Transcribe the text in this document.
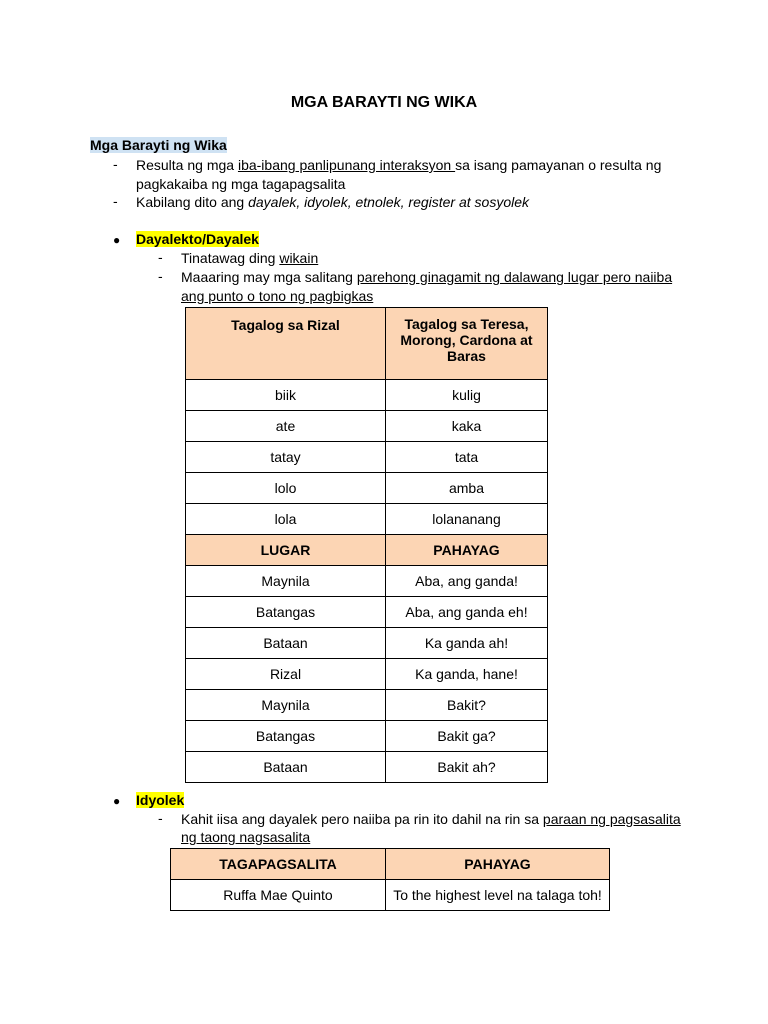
MGA BARAYTI NG WIKA
Mga Barayti ng Wika
- Resulta ng mga iba-ibang panlipunang interaksyon sa isang pamayanan o resulta ng
pagkakaiba ng mga tagapagsalita
- Kabilang dito ang dayalek, idyolek, etnolek, register at sosyolek
● Dayalekto/Dayalek
- Tinatawag ding wikain
- Maaaring may mga salitang parehong ginagamit ng dalawang lugar pero naiiba
ang punto o tono ng pagbigkas
Tagalog sa Rizal	Tagalog sa Teresa, Morong, Cardona at Baras
biik	kulig
ate	kaka
tatay	tata
lolo	amba
lola	lolananang
LUGAR	PAHAYAG
Maynila	Aba, ang ganda!
Batangas	Aba, ang ganda eh!
Bataan	Ka ganda ah!
Rizal	Ka ganda, hane!
Maynila	Bakit?
Batangas	Bakit ga?
Bataan	Bakit ah?
● Idyolek
- Kahit iisa ang dayalek pero naiiba pa rin ito dahil na rin sa paraan ng pagsasalita
ng taong nagsasalita
TAGAPAGSALITA	PAHAYAG
Ruffa Mae Quinto	To the highest level na talaga toh!
